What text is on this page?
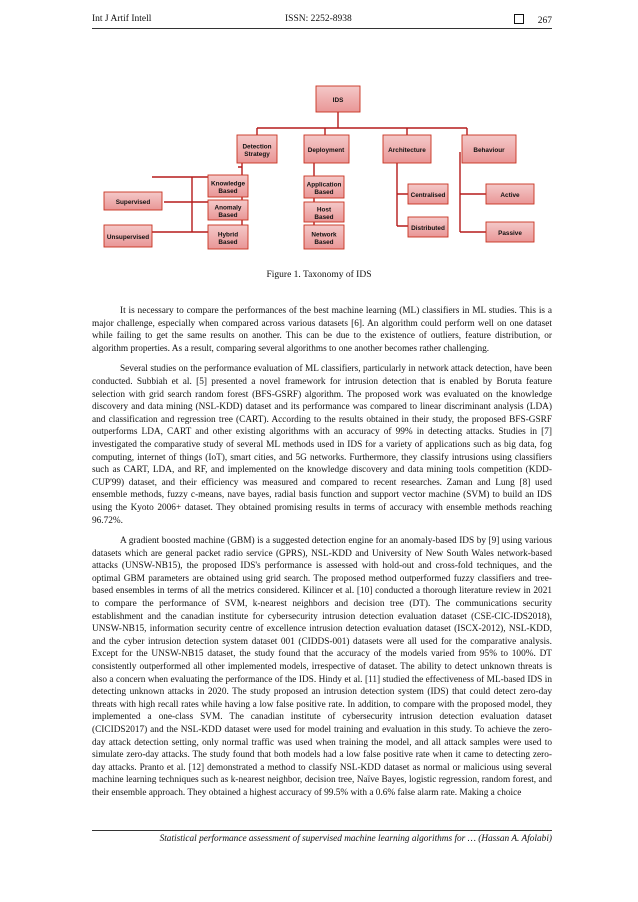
Int J Artif Intell	ISSN: 2252-8938	267
IDS
Detection Strategy
Deployment	Architecture	Behaviour
Knowledge Based
Anomaly Based
Hybrid Based
Supervised
Unsupervised
Application Based
Host Based
Network Based
Centralised
Distributed
Active
Passive
Figure 1. Taxonomy of IDS

It is necessary to compare the performances of the best machine learning (ML) classifiers in ML studies. This is a major challenge, especially when compared across various datasets [6]. An algorithm could perform well on one dataset while failing to get the same results on another. This can be due to the existence of outliers, feature distribution, or algorithm properties. As a result, comparing several algorithms to one another becomes rather challenging.

Several studies on the performance evaluation of ML classifiers, particularly in network attack detection, have been conducted. Subbiah et al. [5] presented a novel framework for intrusion detection that is enabled by Boruta feature selection with grid search random forest (BFS-GSRF) algorithm. The proposed work was evaluated on the knowledge discovery and data mining (NSL-KDD) dataset and its performance was compared to linear discriminant analysis (LDA) and classification and regression tree (CART). According to the results obtained in their study, the proposed BFS-GSRF outperforms LDA, CART and other existing algorithms with an accuracy of 99% in detecting attacks. Studies in [7] investigated the comparative study of several ML methods used in IDS for a variety of applications such as big data, fog computing, internet of things (IoT), smart cities, and 5G networks. Furthermore, they classify intrusions using classifiers such as CART, LDA, and RF, and implemented on the knowledge discovery and data mining tools competition (KDD-CUP'99) dataset, and their efficiency was measured and compared to recent researches. Zaman and Lung [8] used ensemble methods, fuzzy c-means, nave bayes, radial basis function and support vector machine (SVM) to build an IDS using the Kyoto 2006+ dataset. They obtained promising results in terms of accuracy with ensemble methods reaching 96.72%.

A gradient boosted machine (GBM) is a suggested detection engine for an anomaly-based IDS by [9] using various datasets which are general packet radio service (GPRS), NSL-KDD and University of New South Wales network-based attacks (UNSW-NB15), the proposed IDS's performance is assessed with hold-out and cross-fold techniques, and the optimal GBM parameters are obtained using grid search. The proposed method outperformed fuzzy classifiers and tree-based ensembles in terms of all the metrics considered. Kilincer et al. [10] conducted a thorough literature review in 2021 to compare the performance of SVM, k-nearest neighbors and decision tree (DT). The communications security establishment and the canadian institute for cybersecurity intrusion detection evaluation dataset (CSE-CIC-IDS2018), UNSW-NB15, information security centre of excellence intrusion detection evaluation dataset (ISCX-2012), NSL-KDD, and the cyber intrusion detection system dataset 001 (CIDDS-001) datasets were all used for the comparative analysis. Except for the UNSW-NB15 dataset, the study found that the accuracy of the models varied from 95% to 100%. DT consistently outperformed all other implemented models, irrespective of dataset. The ability to detect unknown threats is also a concern when evaluating the performance of the IDS. Hindy et al. [11] studied the effectiveness of ML-based IDS in detecting unknown attacks in 2020. The study proposed an intrusion detection system (IDS) that could detect zero-day threats with high recall rates while having a low false positive rate. In addition, to compare with the proposed model, they implemented a one-class SVM. The canadian institute of cybersecurity intrusion detection evaluation dataset (CICIDS2017) and the NSL-KDD dataset were used for model training and evaluation in this study. To achieve the zero-day attack detection setting, only normal traffic was used when training the model, and all attack samples were used to simulate zero-day attacks. The study found that both models had a low false positive rate when it came to detecting zero-day attacks. Pranto et al. [12] demonstrated a method to classify NSL-KDD dataset as normal or malicious using several machine learning techniques such as k-nearest neighbor, decision tree, Naïve Bayes, logistic regression, random forest, and their ensemble approach. They obtained a highest accuracy of 99.5% with a 0.6% false alarm rate. Making a choice

Statistical performance assessment of supervised machine learning algorithms for … (Hassan A. Afolabi)
